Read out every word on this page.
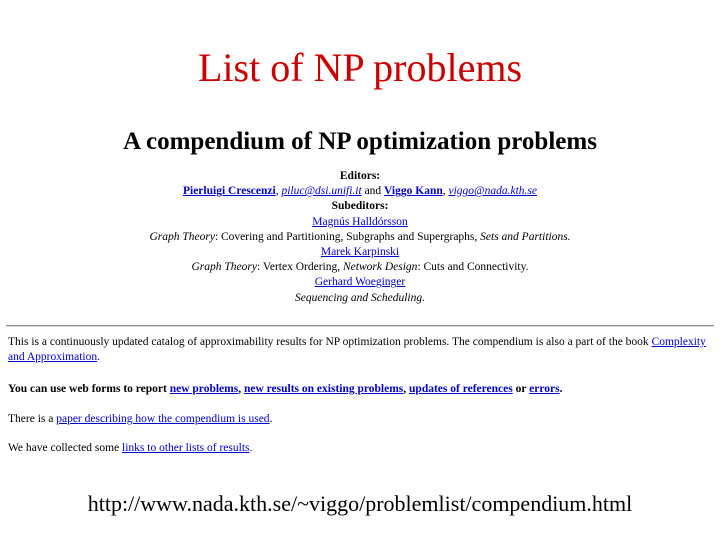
List of NP problems
A compendium of NP optimization problems
Editors:
Pierluigi Crescenzi, piluc@dsi.unifi.it and Viggo Kann, viggo@nada.kth.se
Subeditors:
Magnús Halldórsson
Graph Theory: Covering and Partitioning, Subgraphs and Supergraphs, Sets and Partitions.
Marek Karpinski
Graph Theory: Vertex Ordering, Network Design: Cuts and Connectivity.
Gerhard Woeginger
Sequencing and Scheduling.

This is a continuously updated catalog of approximability results for NP optimization problems. The compendium is also a part of the book Complexity and Approximation.

You can use web forms to report new problems, new results on existing problems, updates of references or errors.

There is a paper describing how the compendium is used.

We have collected some links to other lists of results.

http://www.nada.kth.se/~viggo/problemlist/compendium.html
